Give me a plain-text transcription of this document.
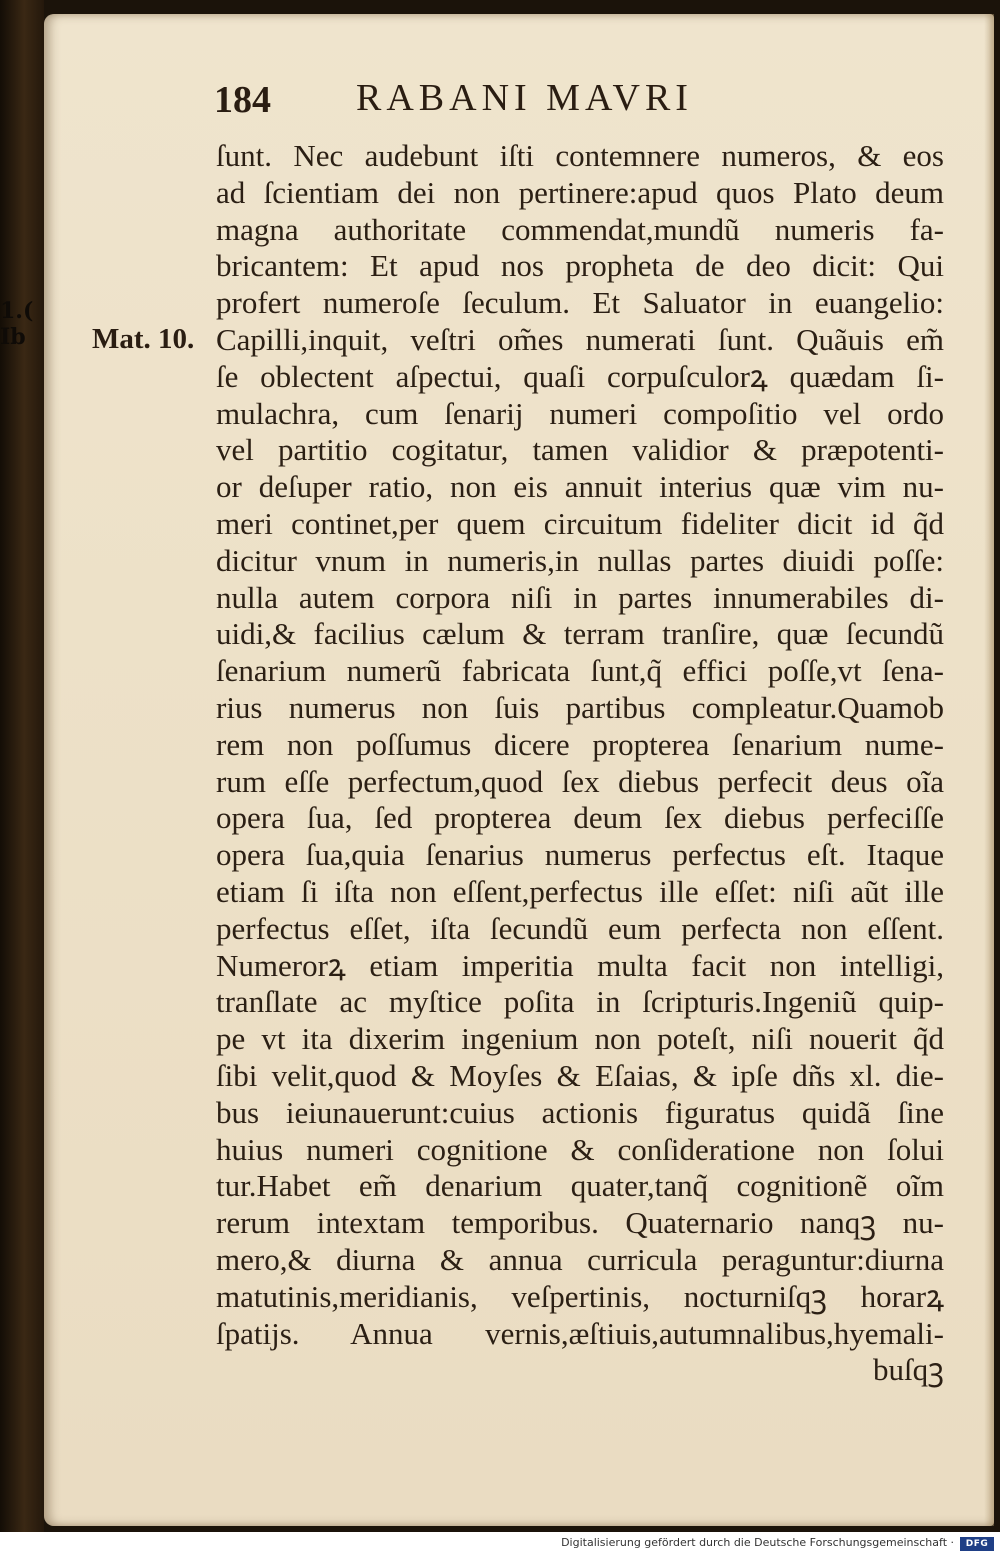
1.(
Ib
184 RABANI MAVRI
Mat. 10.
ſunt. Nec audebunt iſti contemnere numeros, & eos
ad ſcientiam dei non pertinere:apud quos Plato deum
magna authoritate commendat,mundũ numeris fa-
bricantem: Et apud nos propheta de deo dicit: Qui
profert numeroſe ſeculum. Et Saluator in euangelio:
Capilli,inquit, veſtri om̃es numerati ſunt. Quãuis em̃
ſe oblectent aſpectui, quaſi corpuſculorꝝ quædam ſi-
mulachra, cum ſenarij numeri compoſitio vel ordo
vel partitio cogitatur, tamen validior & præpotenti-
or deſuper ratio, non eis annuit interius quæ vim nu-
meri continet,per quem circuitum fideliter dicit id q̃d
dicitur vnum in numeris,in nullas partes diuidi poſſe:
nulla autem corpora niſi in partes innumerabiles di-
uidi,& facilius cælum & terram tranſire, quæ ſecundũ
ſenarium numerũ fabricata ſunt,q̃ effici poſſe,vt ſena-
rius numerus non ſuis partibus compleatur.Quamob
rem non poſſumus dicere propterea ſenarium nume-
rum eſſe perfectum,quod ſex diebus perfecit deus oĩa
opera ſua, ſed propterea deum ſex diebus perfeciſſe
opera ſua,quia ſenarius numerus perfectus eſt. Itaque
etiam ſi iſta non eſſent,perfectus ille eſſet: niſi aũt ille
perfectus eſſet, iſta ſecundũ eum perfecta non eſſent.
Numerorꝝ etiam imperitia multa facit non intelligi,
tranſlate ac myſtice poſita in ſcripturis.Ingeniũ quip-
pe vt ita dixerim ingenium non poteſt, niſi nouerit q̃d
ſibi velit,quod & Moyſes & Eſaias, & ipſe dñs xl. die-
bus ieiunauerunt:cuius actionis figuratus quidã ſine
huius numeri cognitione & conſideratione non ſolui
tur.Habet em̃ denarium quater,tanq̃ cognitionẽ oĩm
rerum intextam temporibus. Quaternario nanqꝫ nu-
mero,& diurna & annua curricula peraguntur:diurna
matutinis,meridianis, veſpertinis, nocturniſqꝫ horarꝝ
ſpatijs. Annua vernis,æſtiuis,autumnalibus,hyemali-
buſqꝫ
Digitalisierung gefördert durch die Deutsche Forschungsgemeinschaft ·	DFG
